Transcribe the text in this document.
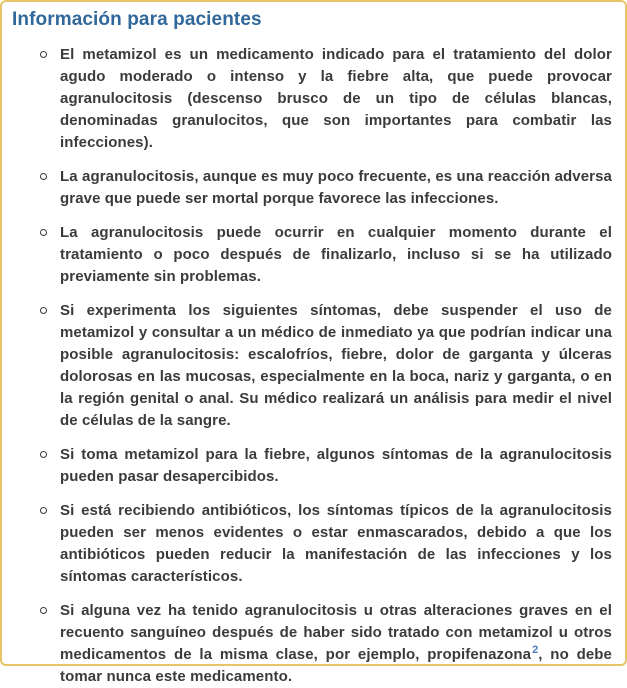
Información para pacientes
El metamizol es un medicamento indicado para el tratamiento del dolor agudo moderado o intenso y la fiebre alta, que puede provocar agranulocitosis (descenso brusco de un tipo de células blancas, denominadas granulocitos, que son importantes para combatir las infecciones).
La agranulocitosis, aunque es muy poco frecuente, es una reacción adversa grave que puede ser mortal porque favorece las infecciones.
La agranulocitosis puede ocurrir en cualquier momento durante el tratamiento o poco después de finalizarlo, incluso si se ha utilizado previamente sin problemas.
Si experimenta los siguientes síntomas, debe suspender el uso de metamizol y consultar a un médico de inmediato ya que podrían indicar una posible agranulocitosis: escalofríos, fiebre, dolor de garganta y úlceras dolorosas en las mucosas, especialmente en la boca, nariz y garganta, o en la región genital o anal. Su médico realizará un análisis para medir el nivel de células de la sangre.
Si toma metamizol para la fiebre, algunos síntomas de la agranulocitosis pueden pasar desapercibidos.
Si está recibiendo antibióticos, los síntomas típicos de la agranulocitosis pueden ser menos evidentes o estar enmascarados, debido a que los antibióticos pueden reducir la manifestación de las infecciones y los síntomas característicos.
Si alguna vez ha tenido agranulocitosis u otras alteraciones graves en el recuento sanguíneo después de haber sido tratado con metamizol u otros medicamentos de la misma clase, por ejemplo, propifenazona$^2$, no debe tomar nunca este medicamento.
